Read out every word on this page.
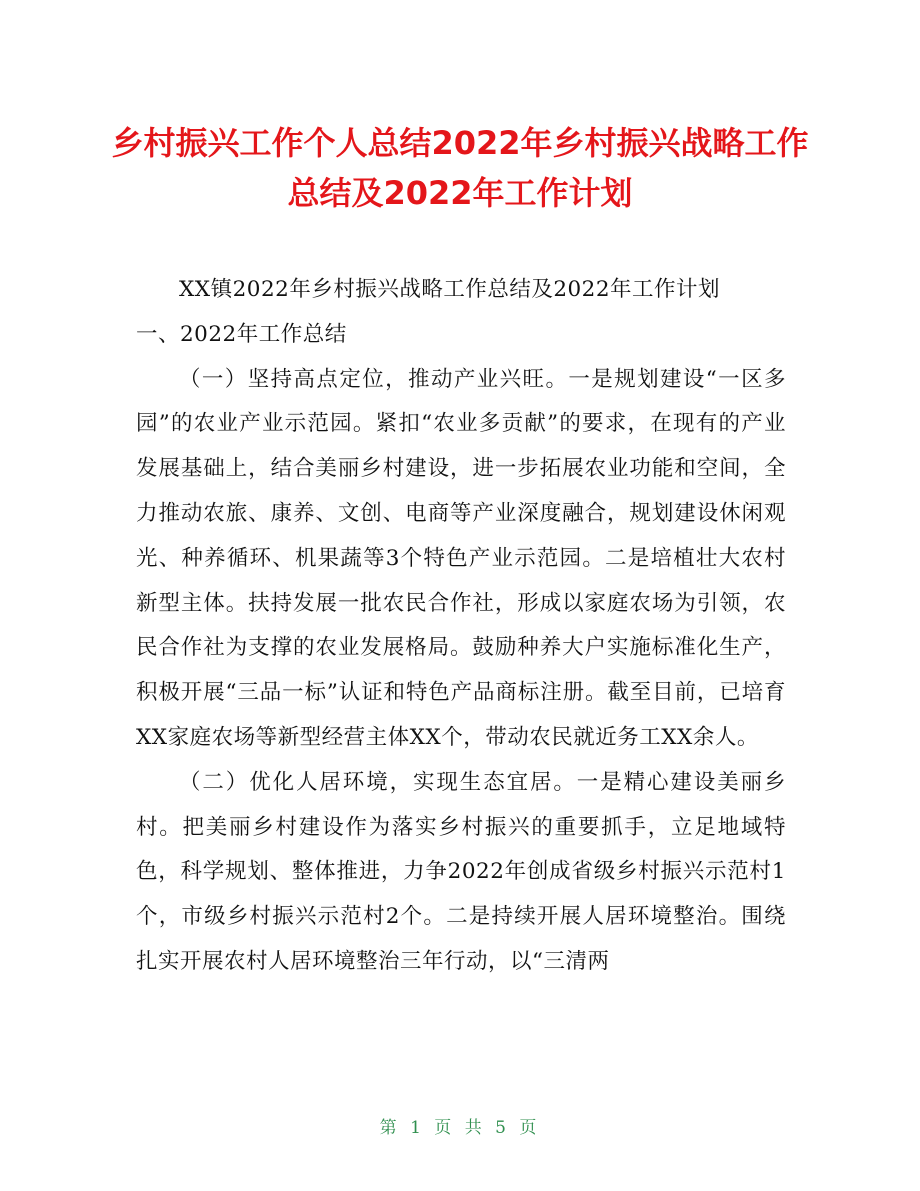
乡村振兴工作个人总结2022年乡村振兴战略工作总结及2022年工作计划

XX镇2022年乡村振兴战略工作总结及2022年工作计划

一、2022年工作总结

（一）坚持高点定位，推动产业兴旺。一是规划建设“一区多园”的农业产业示范园。紧扣“农业多贡献”的要求，在现有的产业发展基础上，结合美丽乡村建设，进一步拓展农业功能和空间，全力推动农旅、康养、文创、电商等产业深度融合，规划建设休闲观光、种养循环、机果蔬等3个特色产业示范园。二是培植壮大农村新型主体。扶持发展一批农民合作社，形成以家庭农场为引领，农民合作社为支撑的农业发展格局。鼓励种养大户实施标准化生产，积极开展“三品一标”认证和特色产品商标注册。截至目前，已培育XX家庭农场等新型经营主体XX个，带动农民就近务工XX余人。

（二）优化人居环境，实现生态宜居。一是精心建设美丽乡村。把美丽乡村建设作为落实乡村振兴的重要抓手，立足地域特色，科学规划、整体推进，力争2022年创成省级乡村振兴示范村1个，市级乡村振兴示范村2个。二是持续开展人居环境整治。围绕扎实开展农村人居环境整治三年行动，以“三清两

第 1 页 共 5 页
